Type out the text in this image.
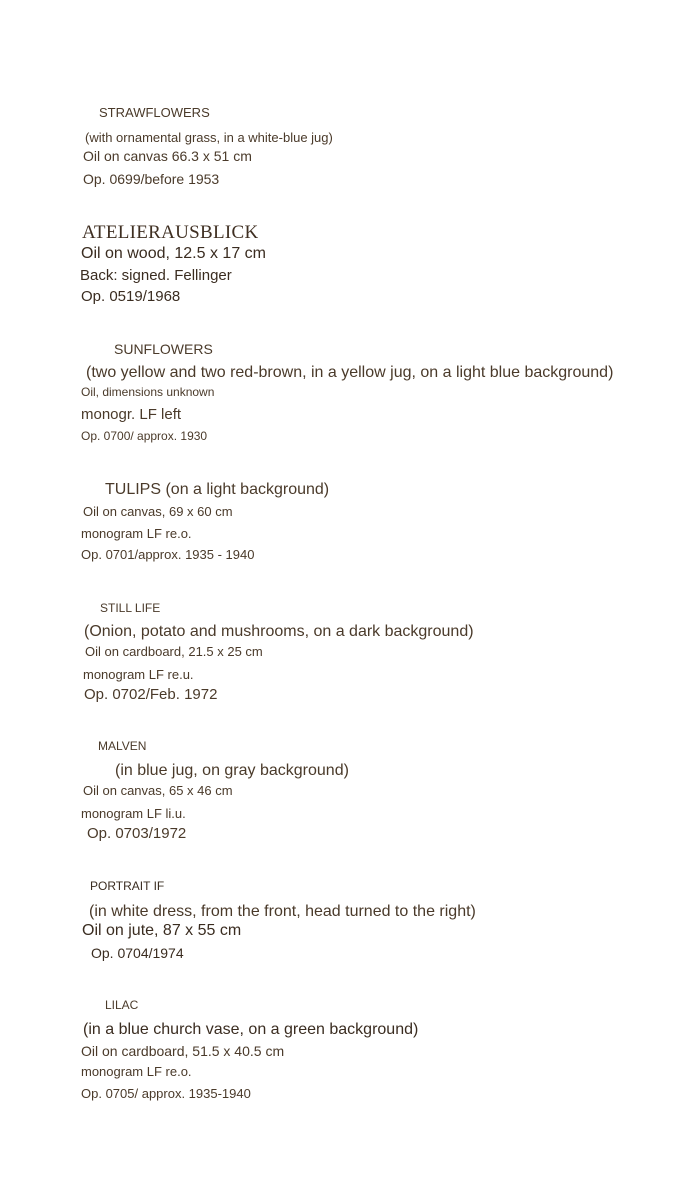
STRAWFLOWERS
(with ornamental grass, in a white-blue jug)
Oil on canvas 66.3 x 51 cm
Op. 0699/before 1953
ATELIERAUSBLICK
Oil on wood, 12.5 x 17 cm
Back: signed. Fellinger
Op. 0519/1968
SUNFLOWERS
(two yellow and two red-brown, in a yellow jug, on a light blue background)
Oil, dimensions unknown
monogr. LF left
Op. 0700/ approx. 1930
TULIPS (on a light background)
Oil on canvas, 69 x 60 cm
monogram LF re.o.
Op. 0701/approx. 1935 - 1940
STILL LIFE
(Onion, potato and mushrooms, on a dark background)
Oil on cardboard, 21.5 x 25 cm
monogram LF re.u.
Op. 0702/Feb. 1972
MALVEN
(in blue jug, on gray background)
Oil on canvas, 65 x 46 cm
monogram LF li.u.
Op. 0703/1972
PORTRAIT IF
(in white dress, from the front, head turned to the right)
Oil on jute, 87 x 55 cm
Op. 0704/1974
LILAC
(in a blue church vase, on a green background)
Oil on cardboard, 51.5 x 40.5 cm
monogram LF re.o.
Op. 0705/ approx. 1935-1940
